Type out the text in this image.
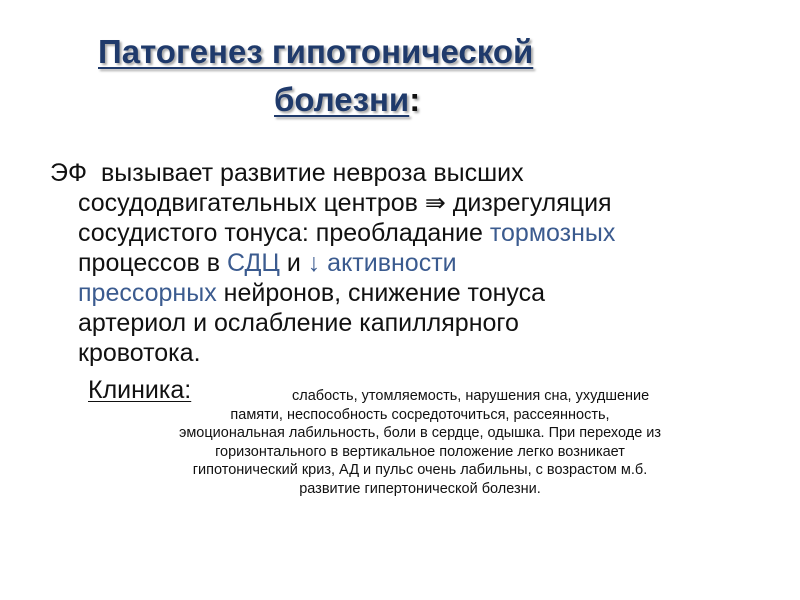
Патогенез гипотонической
болезни:
ЭФ вызывает развитие невроза высших
сосудодвигательных центров ⇛ дизрегуляция
сосудистого тонуса: преобладание тормозных
процессов в СДЦ и ↓ активности
прессорных нейронов, снижение тонуса
артериол и ослабление капиллярного
кровотока.
Клиника:	слабость, утомляемость, нарушения сна, ухудшение
памяти, неспособность сосредоточиться, рассеянность,
эмоциональная лабильность, боли в сердце, одышка. При переходе из
горизонтального в вертикальное положение легко возникает
гипотонический криз, АД и пульс очень лабильны, с возрастом м.б.
развитие гипертонической болезни.
